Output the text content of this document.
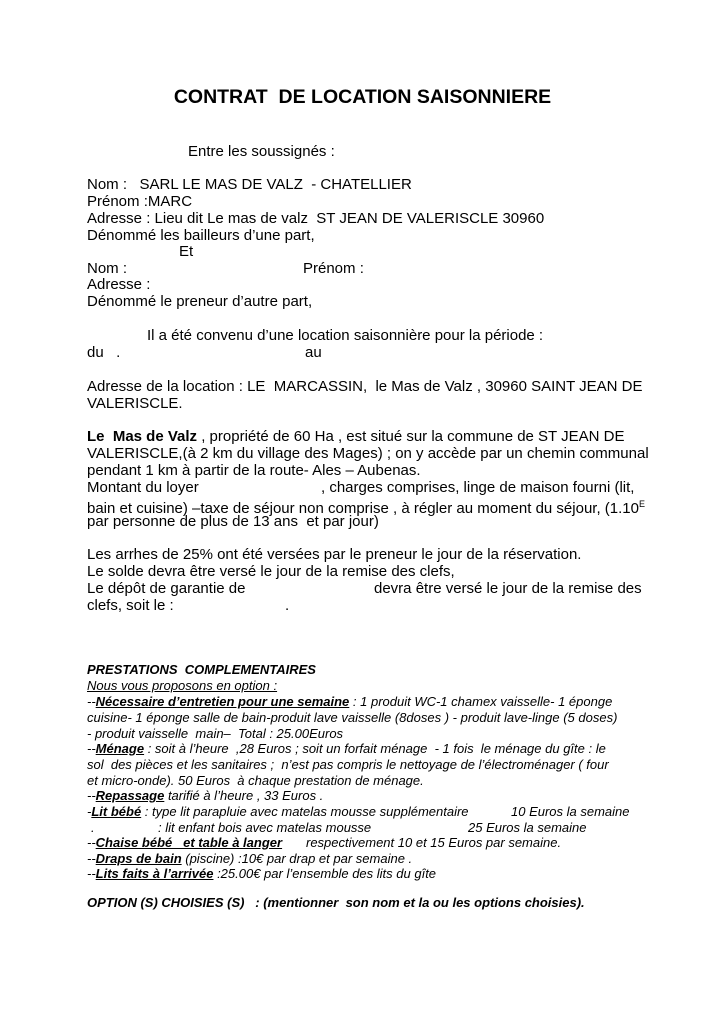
CONTRAT  DE LOCATION SAISONNIERE
Entre les soussignés :
Nom :   SARL LE MAS DE VALZ  - CHATELLIER
Prénom :MARC
Adresse : Lieu dit Le mas de valz  ST JEAN DE VALERISCLE 30960
Dénommé les bailleurs d’une part,
Et
Nom :	Prénom :
Adresse :
Dénommé le preneur d’autre part,
Il a été convenu d’une location saisonnière pour la période :
du   .	au
Adresse de la location : LE  MARCASSIN,  le Mas de Valz , 30960 SAINT JEAN DE
VALERISCLE.
Le  Mas de Valz , propriété de 60 Ha , est situé sur la commune de ST JEAN DE
VALERISCLE,(à 2 km du village des Mages) ; on y accède par un chemin communal
pendant 1 km à partir de la route- Ales – Aubenas.
Montant du loyer	, charges comprises, linge de maison fourni (lit,
bain et cuisine) –taxe de séjour non comprise , à régler au moment du séjour, ($1.10^E$
par personne de plus de 13 ans  et par jour)
Les arrhes de 25% ont été versées par le preneur le jour de la réservation.
Le solde devra être versé le jour de la remise des clefs,
Le dépôt de garantie de	devra être versé le jour de la remise des
clefs, soit le :	.
PRESTATIONS  COMPLEMENTAIRES
Nous vous proposons en option :
--Nécessaire d’entretien pour une semaine : 1 produit WC-1 chamex vaisselle- 1 éponge
cuisine- 1 éponge salle de bain-produit lave vaisselle (8doses ) - produit lave-linge (5 doses)
- produit vaisselle  main–  Total : 25.00Euros
--Ménage : soit à l’heure  ,28 Euros ; soit un forfait ménage  - 1 fois  le ménage du gîte : le
sol  des pièces et les sanitaires ;  n’est pas compris le nettoyage de l’électroménager ( four
et micro-onde). 50 Euros  à chaque prestation de ménage.
--Repassage tarifié à l’heure , 33 Euros .
-Lit bébé : type lit parapluie avec matelas mousse supplémentaire	10 Euros la semaine
.	: lit enfant bois avec matelas mousse	25 Euros la semaine
--Chaise bébé   et table à langer respectivement 10 et 15 Euros par semaine.
--Draps de bain (piscine) :10€ par drap et par semaine .
--Lits faits à l’arrivée :25.00€ par l’ensemble des lits du gîte
OPTION (S) CHOISIES (S)   : (mentionner  son nom et la ou les options choisies).
